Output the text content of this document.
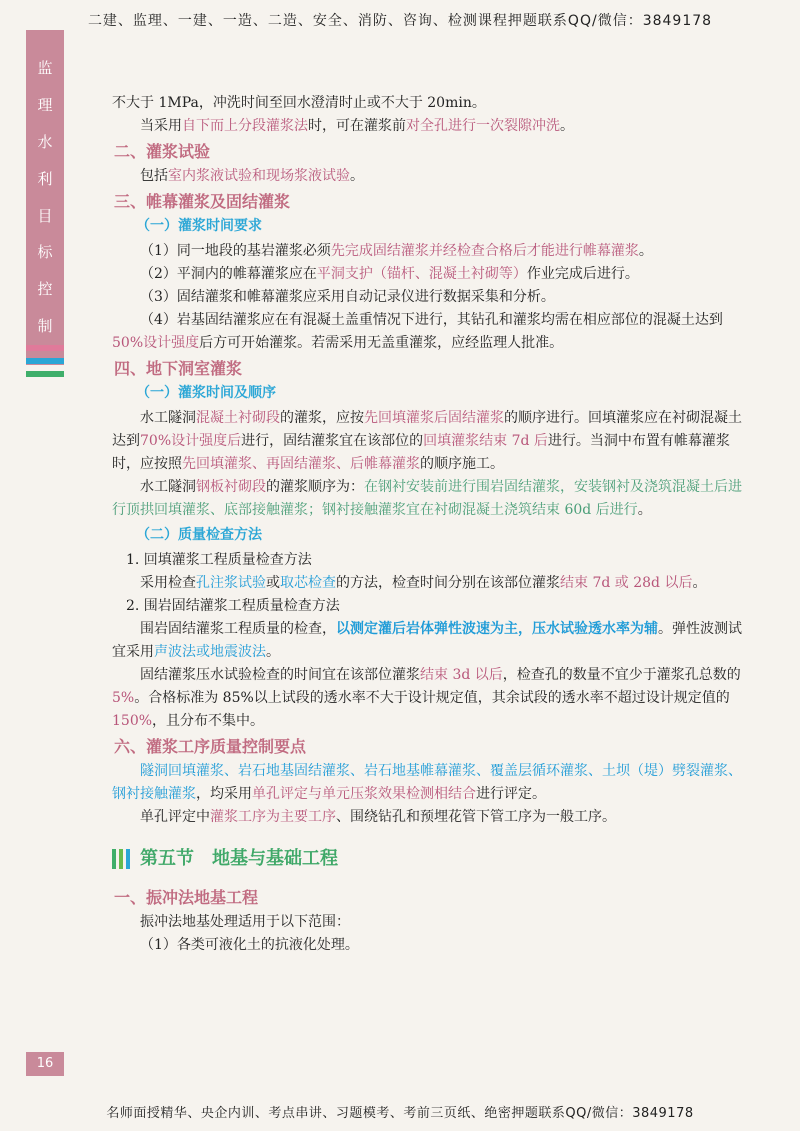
二建、监理、一建、一造、二造、安全、消防、咨询、检测课程押题联系QQ/微信：3849178
监
理
水
利
目
标
控
制

不大于 1MPa，冲洗时间至回水澄清时止或不大于 20min。

当采用自下而上分段灌浆法时，可在灌浆前对全孔进行一次裂隙冲洗。

二、灌浆试验

包括室内浆液试验和现场浆液试验。

三、帷幕灌浆及固结灌浆
（一）灌浆时间要求

（1）同一地段的基岩灌浆必须先完成固结灌浆并经检查合格后才能进行帷幕灌浆。

（2）平洞内的帷幕灌浆应在平洞支护（锚杆、混凝土衬砌等）作业完成后进行。

（3）固结灌浆和帷幕灌浆应采用自动记录仪进行数据采集和分析。

（4）岩基固结灌浆应在有混凝土盖重情况下进行，其钻孔和灌浆均需在相应部位的混凝土达到50%设计强度后方可开始灌浆。若需采用无盖重灌浆，应经监理人批准。

四、地下洞室灌浆
（一）灌浆时间及顺序

水工隧洞混凝土衬砌段的灌浆，应按先回填灌浆后固结灌浆的顺序进行。回填灌浆应在衬砌混凝土达到70%设计强度后进行，固结灌浆宜在该部位的回填灌浆结束 7d 后进行。当洞中布置有帷幕灌浆时，应按照先回填灌浆、再固结灌浆、后帷幕灌浆的顺序施工。

水工隧洞钢板衬砌段的灌浆顺序为：在钢衬安装前进行围岩固结灌浆，安装钢衬及浇筑混凝土后进行顶拱回填灌浆、底部接触灌浆；钢衬接触灌浆宜在衬砌混凝土浇筑结束 60d 后进行。

（二）质量检查方法

1. 回填灌浆工程质量检查方法

采用检查孔注浆试验或取芯检查的方法，检查时间分别在该部位灌浆结束 7d 或 28d 以后。

2. 围岩固结灌浆工程质量检查方法

围岩固结灌浆工程质量的检查，以测定灌后岩体弹性波速为主，压水试验透水率为辅。弹性波测试宜采用声波法或地震波法。

固结灌浆压水试验检查的时间宜在该部位灌浆结束 3d 以后，检查孔的数量不宜少于灌浆孔总数的5%。合格标准为 85%以上试段的透水率不大于设计规定值，其余试段的透水率不超过设计规定值的150%，且分布不集中。

六、灌浆工序质量控制要点

隧洞回填灌浆、岩石地基固结灌浆、岩石地基帷幕灌浆、覆盖层循环灌浆、土坝（堤）劈裂灌浆、钢衬接触灌浆，均采用单孔评定与单元压浆效果检测相结合进行评定。

单孔评定中灌浆工序为主要工序、围绕钻孔和预埋花管下管工序为一般工序。

第五节　地基与基础工程
一、振冲法地基工程

振冲法地基处理适用于以下范围：

（1）各类可液化土的抗液化处理。

16
名师面授精华、央企内训、考点串讲、习题模考、考前三页纸、绝密押题联系QQ/微信：3849178
